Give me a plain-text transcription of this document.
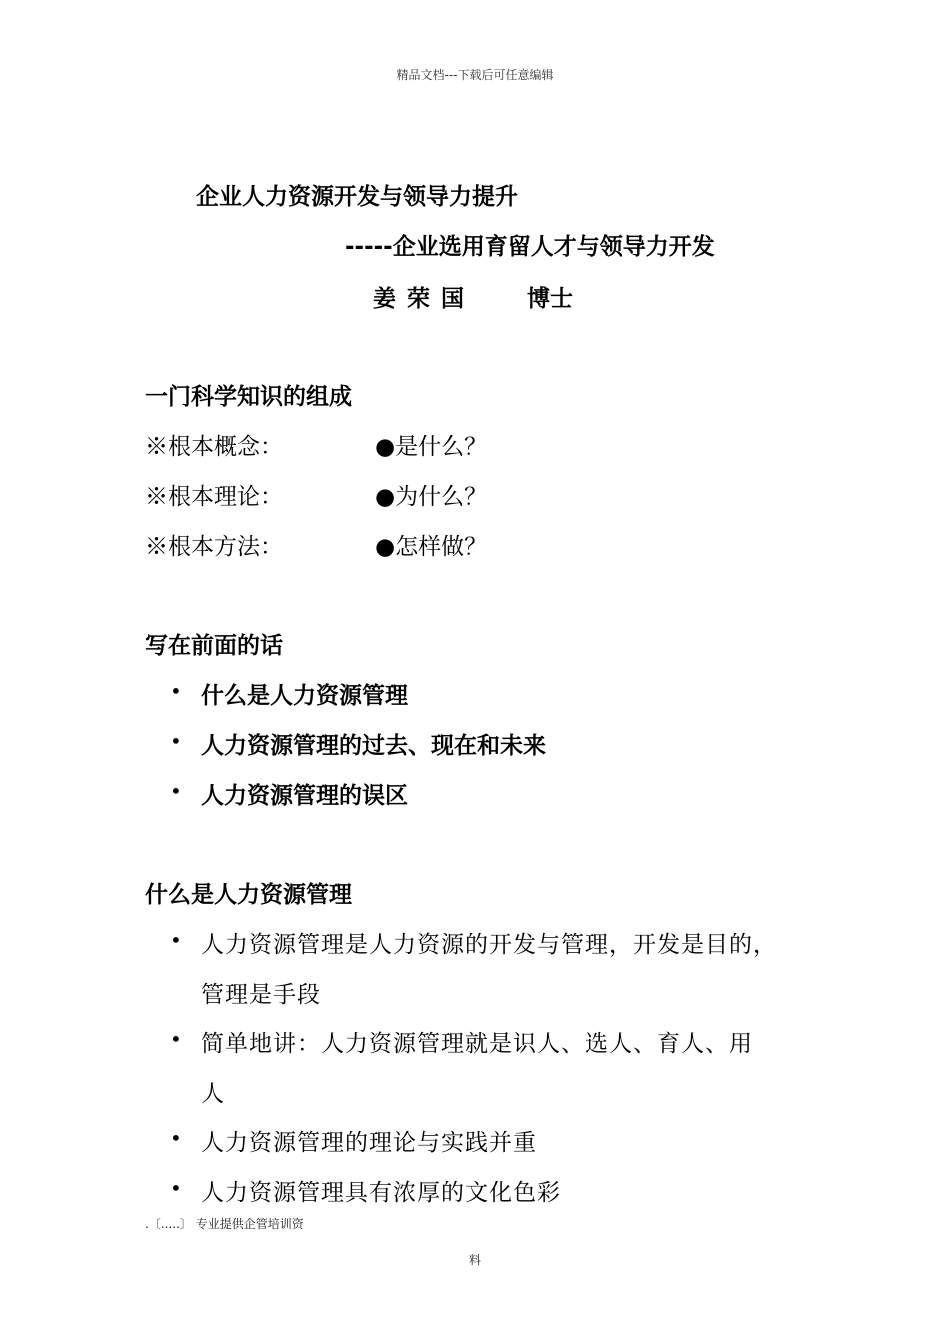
精品文档---下载后可任意编辑
企业人力资源开发与领导力提升
-----企业选用育留人才与领导力开发
姜荣国 博士
一门科学知识的组成
※根本概念：	●是什么？
※根本理论：	●为什么？
※根本方法：	●怎样做？
写在前面的话
• 什么是人力资源管理
• 人力资源管理的过去、现在和未来
• 人力资源管理的误区
什么是人力资源管理
• 人力资源管理是人力资源的开发与管理，开发是目的，
管理是手段
• 简单地讲：人力资源管理就是识人、选人、育人、用
人
• 人力资源管理的理论与实践并重
• 人力资源管理具有浓厚的文化色彩
.〔.....〕 专业提供企管培训资
料
